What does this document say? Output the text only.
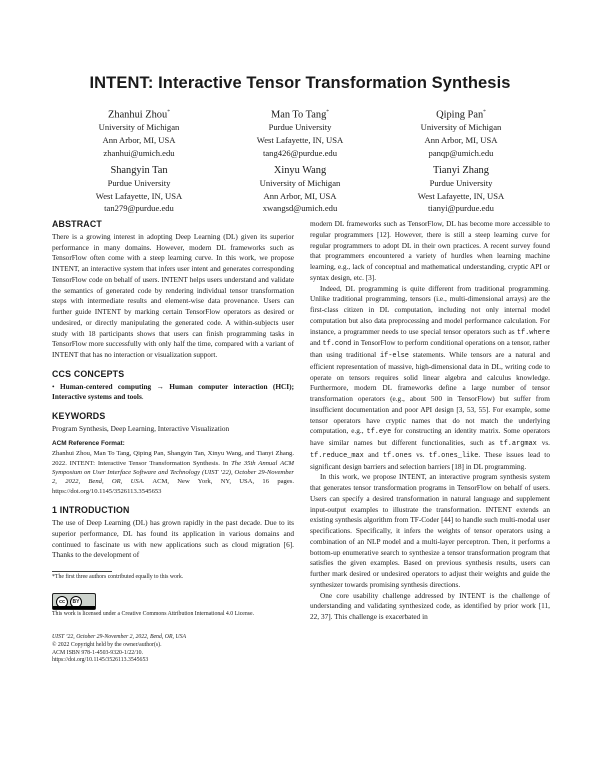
INTENT: Interactive Tensor Transformation Synthesis
Zhanhui Zhou*
University of Michigan
Ann Arbor, MI, USA
zhanhui@umich.edu
Man To Tang*
Purdue University
West Lafayette, IN, USA
tang426@purdue.edu
Qiping Pan*
University of Michigan
Ann Arbor, MI, USA
panqp@umich.edu
Shangyin Tan
Purdue University
West Lafayette, IN, USA
tan279@purdue.edu
Xinyu Wang
University of Michigan
Ann Arbor, MI, USA
xwangsd@umich.edu
Tianyi Zhang
Purdue University
West Lafayette, IN, USA
tianyi@purdue.edu
ABSTRACT

There is a growing interest in adopting Deep Learning (DL) given its superior performance in many domains. However, modern DL frameworks such as TensorFlow often come with a steep learning curve. In this work, we propose INTENT, an interactive system that infers user intent and generates corresponding TensorFlow code on behalf of users. INTENT helps users understand and validate the semantics of generated code by rendering individual tensor transformation steps with intermediate results and element-wise data provenance. Users can further guide INTENT by marking certain TensorFlow operators as desired or undesired, or directly manipulating the generated code. A within-subjects user study with 18 participants shows that users can finish programming tasks in TensorFlow more successfully with only half the time, compared with a variant of INTENT that has no interaction or visualization support.

CCS CONCEPTS

• Human-centered computing → Human computer interaction (HCI); Interactive systems and tools.

KEYWORDS

Program Synthesis, Deep Learning, Interactive Visualization

ACM Reference Format:

Zhanhui Zhou, Man To Tang, Qiping Pan, Shangyin Tan, Xinyu Wang, and Tianyi Zhang. 2022. INTENT: Interactive Tensor Transformation Synthesis. In The 35th Annual ACM Symposium on User Interface Software and Technology (UIST ’22), October 29-November 2, 2022, Bend, OR, USA. ACM, New York, NY, USA, 16 pages. https://doi.org/10.1145/3526113.3545653

1 INTRODUCTION

The use of Deep Learning (DL) has grown rapidly in the past decade. Due to its superior performance, DL has found its application in various domains and continued to fascinate us with new applications such as cloud migration [6]. Thanks to the development of

*The first three authors contributed equally to this work.
cc	BY
This work is licensed under a Creative Commons Attribution International 4.0 License.
UIST ’22, October 29-November 2, 2022, Bend, OR, USA
© 2022 Copyright held by the owner/author(s).
ACM ISBN 978-1-4503-9320-1/22/10.
https://doi.org/10.1145/3526113.3545653

modern DL frameworks such as TensorFlow, DL has become more accessible to regular programmers [12]. However, there is still a steep learning curve for regular programmers to adopt DL in their own practices. A recent survey found that programmers encountered a variety of hurdles when learning machine learning, e.g., lack of conceptual and mathematical understanding, cryptic API or syntax design, etc. [3].

Indeed, DL programming is quite different from traditional programming. Unlike traditional programming, tensors (i.e., multi-dimensional arrays) are the first-class citizen in DL computation, including not only internal model computation but also data preprocessing and model performance calculation. For instance, a programmer needs to use special tensor operators such as tf.where and tf.cond in TensorFlow to perform conditional operations on a tensor, rather than using traditional if-else statements. While tensors are a natural and efficient representation of massive, high-dimensional data in DL, writing code to operate on tensors requires solid linear algebra and calculus knowledge. Furthermore, modern DL frameworks define a large number of tensor transformation operators (e.g., about 500 in TensorFlow) but suffer from insufficient documentation and poor API design [3, 53, 55]. For example, some tensor operators have cryptic names that do not match the underlying computation, e.g., tf.eye for constructing an identity matrix. Some operators have similar names but different functionalities, such as tf.argmax vs. tf.reduce_max and tf.ones vs. tf.ones_like. These issues lead to significant design barriers and selection barriers [18] in DL programming.

In this work, we propose INTENT, an interactive program synthesis system that generates tensor transformation programs in TensorFlow on behalf of users. Users can specify a desired transformation in natural language and supplement input-output examples to illustrate the transformation. INTENT extends an existing synthesis algorithm from TF-Coder [44] to handle such multi-modal user specifications. Specifically, it infers the weights of tensor operators using a combination of an NLP model and a multi-layer perceptron. Then, it performs a bottom-up enumerative search to synthesize a tensor transformation program that satisfies the given examples. Based on previous synthesis results, users can further mark desired or undesired operators to adjust their weights and guide the synthesizer towards promising synthesis directions.

One core usability challenge addressed by INTENT is the challenge of understanding and validating synthesized code, as identified by prior work [11, 22, 37]. This challenge is exacerbated in
